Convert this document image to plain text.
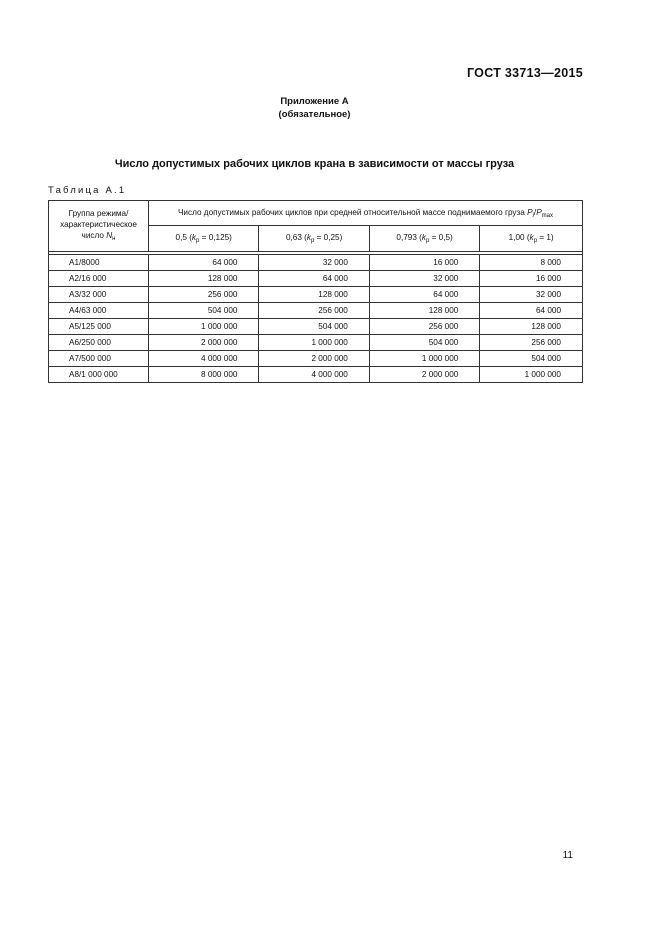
ГОСТ 33713—2015
Приложение А
(обязательное)
Число допустимых рабочих циклов крана в зависимости от массы груза
Таблица А.1
Группа режима/
характеристическое
число $N_н$	Число допустимых рабочих циклов при средней относительной массе поднимаемого груза $P_i/P_{max}$
	0,5 $(k_p = 0,125)$	0,63 $(k_p = 0,25)$	0,793 $(k_p = 0,5)$	1,00 $(k_p = 1)$

A1/8000	64 000	32 000	16 000	8 000
A2/16 000	128 000	64 000	32 000	16 000
A3/32 000	256 000	128 000	64 000	32 000
A4/63 000	504 000	256 000	128 000	64 000
A5/125 000	1 000 000	504 000	256 000	128 000
A6/250 000	2 000 000	1 000 000	504 000	256 000
A7/500 000	4 000 000	2 000 000	1 000 000	504 000
A8/1 000 000	8 000 000	4 000 000	2 000 000	1 000 000
11
